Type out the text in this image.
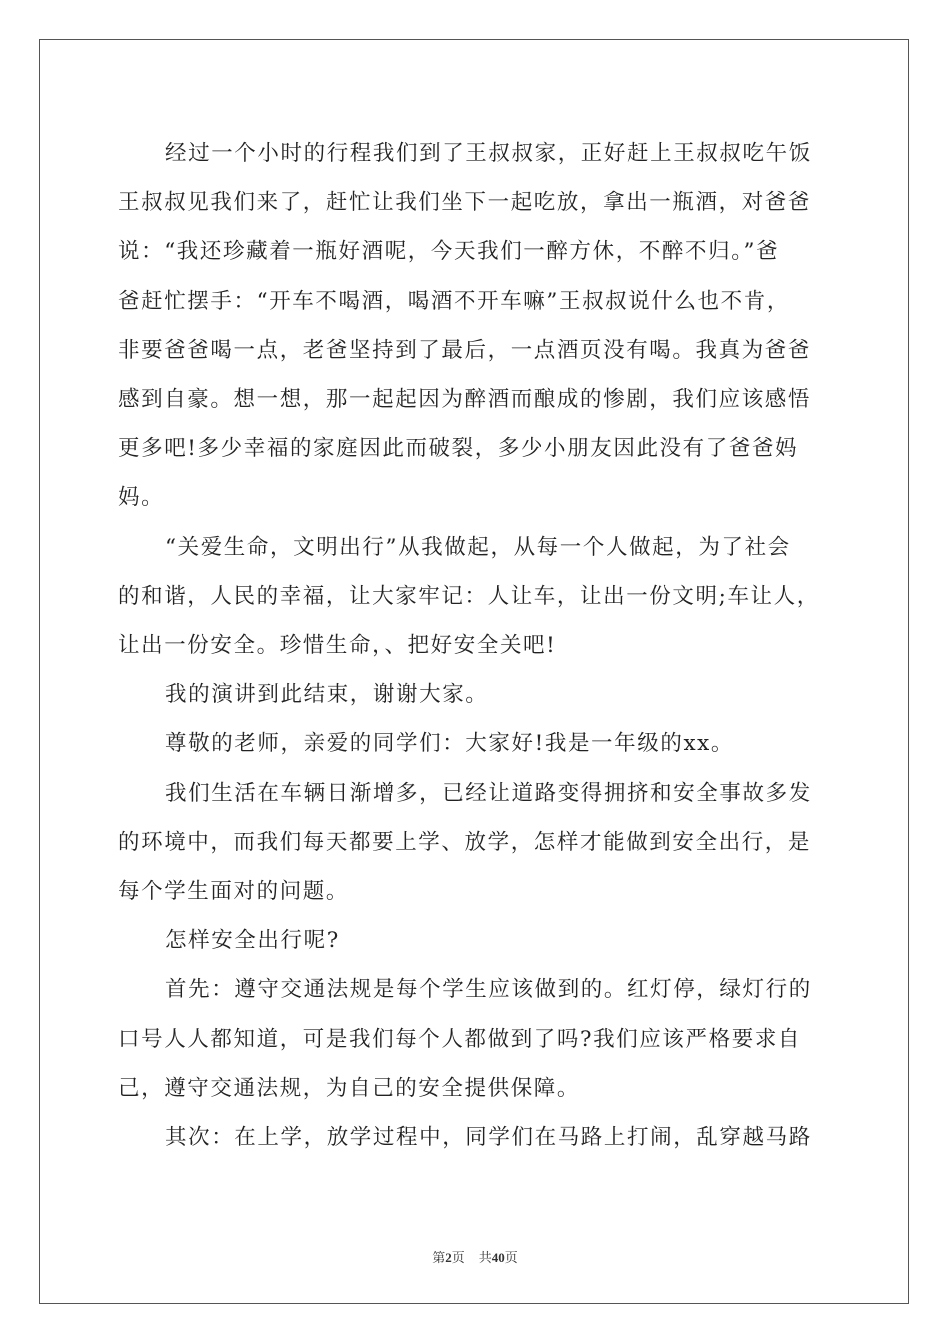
经过一个小时的行程我们到了王叔叔家，正好赶上王叔叔吃午饭
王叔叔见我们来了，赶忙让我们坐下一起吃放，拿出一瓶酒，对爸爸
说：“我还珍藏着一瓶好酒呢，今天我们一醉方休，不醉不归。”爸
爸赶忙摆手：“开车不喝酒，喝酒不开车嘛”王叔叔说什么也不肯，
非要爸爸喝一点，老爸坚持到了最后，一点酒页没有喝。我真为爸爸
感到自豪。想一想，那一起起因为醉酒而酿成的惨剧，我们应该感悟
更多吧!多少幸福的家庭因此而破裂，多少小朋友因此没有了爸爸妈
妈。

“关爱生命，文明出行”从我做起，从每一个人做起，为了社会
的和谐，人民的幸福，让大家牢记：人让车，让出一份文明;车让人，
让出一份安全。珍惜生命，、把好安全关吧!

我的演讲到此结束，谢谢大家。

尊敬的老师，亲爱的同学们：大家好!我是一年级的xx。

我们生活在车辆日渐增多，已经让道路变得拥挤和安全事故多发
的环境中，而我们每天都要上学、放学，怎样才能做到安全出行，是
每个学生面对的问题。

怎样安全出行呢?

首先：遵守交通法规是每个学生应该做到的。红灯停，绿灯行的
口号人人都知道，可是我们每个人都做到了吗?我们应该严格要求自
己，遵守交通法规，为自己的安全提供保障。

其次：在上学，放学过程中，同学们在马路上打闹，乱穿越马路

第2页 共40页
